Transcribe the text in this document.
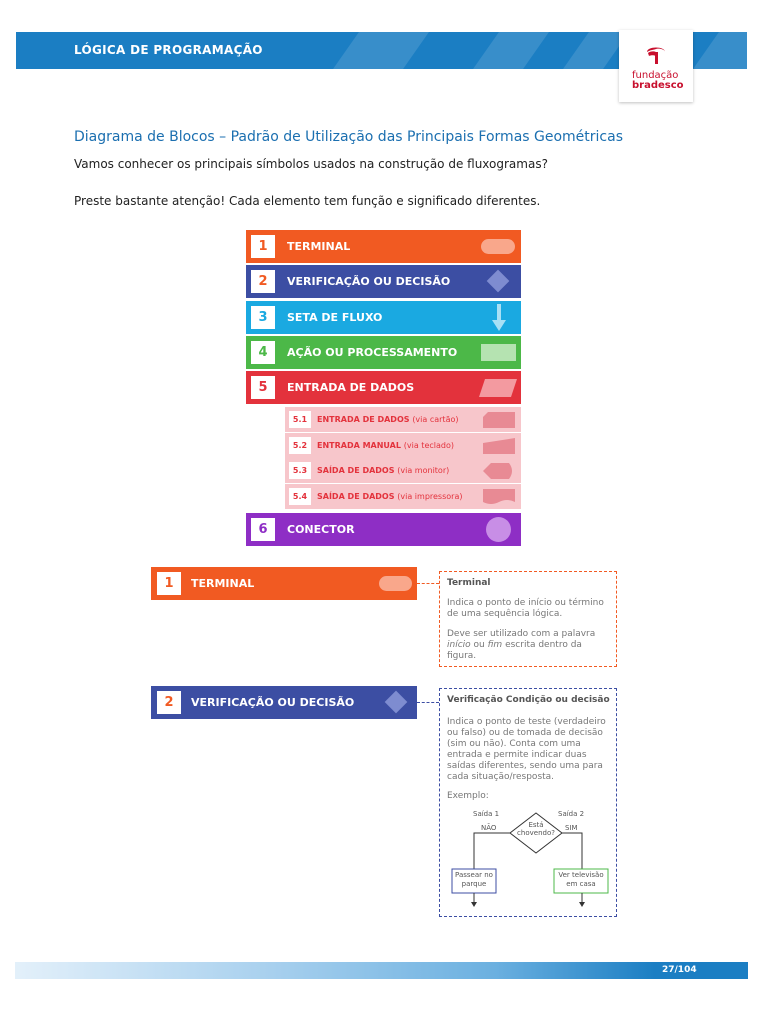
LÓGICA DE PROGRAMAÇÃO
fundação
bradesco
Diagrama de Blocos – Padrão de Utilização das Principais Formas Geométricas
Vamos conhecer os principais símbolos usados na construção de fluxogramas?
Preste bastante atenção! Cada elemento tem função e significado diferentes.
1	TERMINAL
2	VERIFICAÇÃO OU DECISÃO
3	SETA DE FLUXO
4	AÇÃO OU PROCESSAMENTO
5	ENTRADA DE DADOS
5.1	ENTRADA DE DADOS (via cartão)
5.2	ENTRADA MANUAL (via teclado)
5.3	SAÍDA DE DADOS (via monitor)
5.4	SAÍDA DE DADOS (via impressora)
6	CONECTOR
1	TERMINAL	Terminal
Indica o ponto de início ou término de uma sequência lógica.
Deve ser utilizado com a palavra início ou fim escrita dentro da figura.
2	VERIFICAÇÃO OU DECISÃO	Verificação Condição ou decisão
Indica o ponto de teste (verdadeiro ou falso) ou de tomada de decisão (sim ou não). Conta com uma entrada e permite indicar duas saídas diferentes, sendo uma para cada situação/resposta.
Exemplo:
Saída 1	Saída 2
NÃO	SIM
Está
chovendo?
Passear no
parque
Ver televisão
em casa
27/104
